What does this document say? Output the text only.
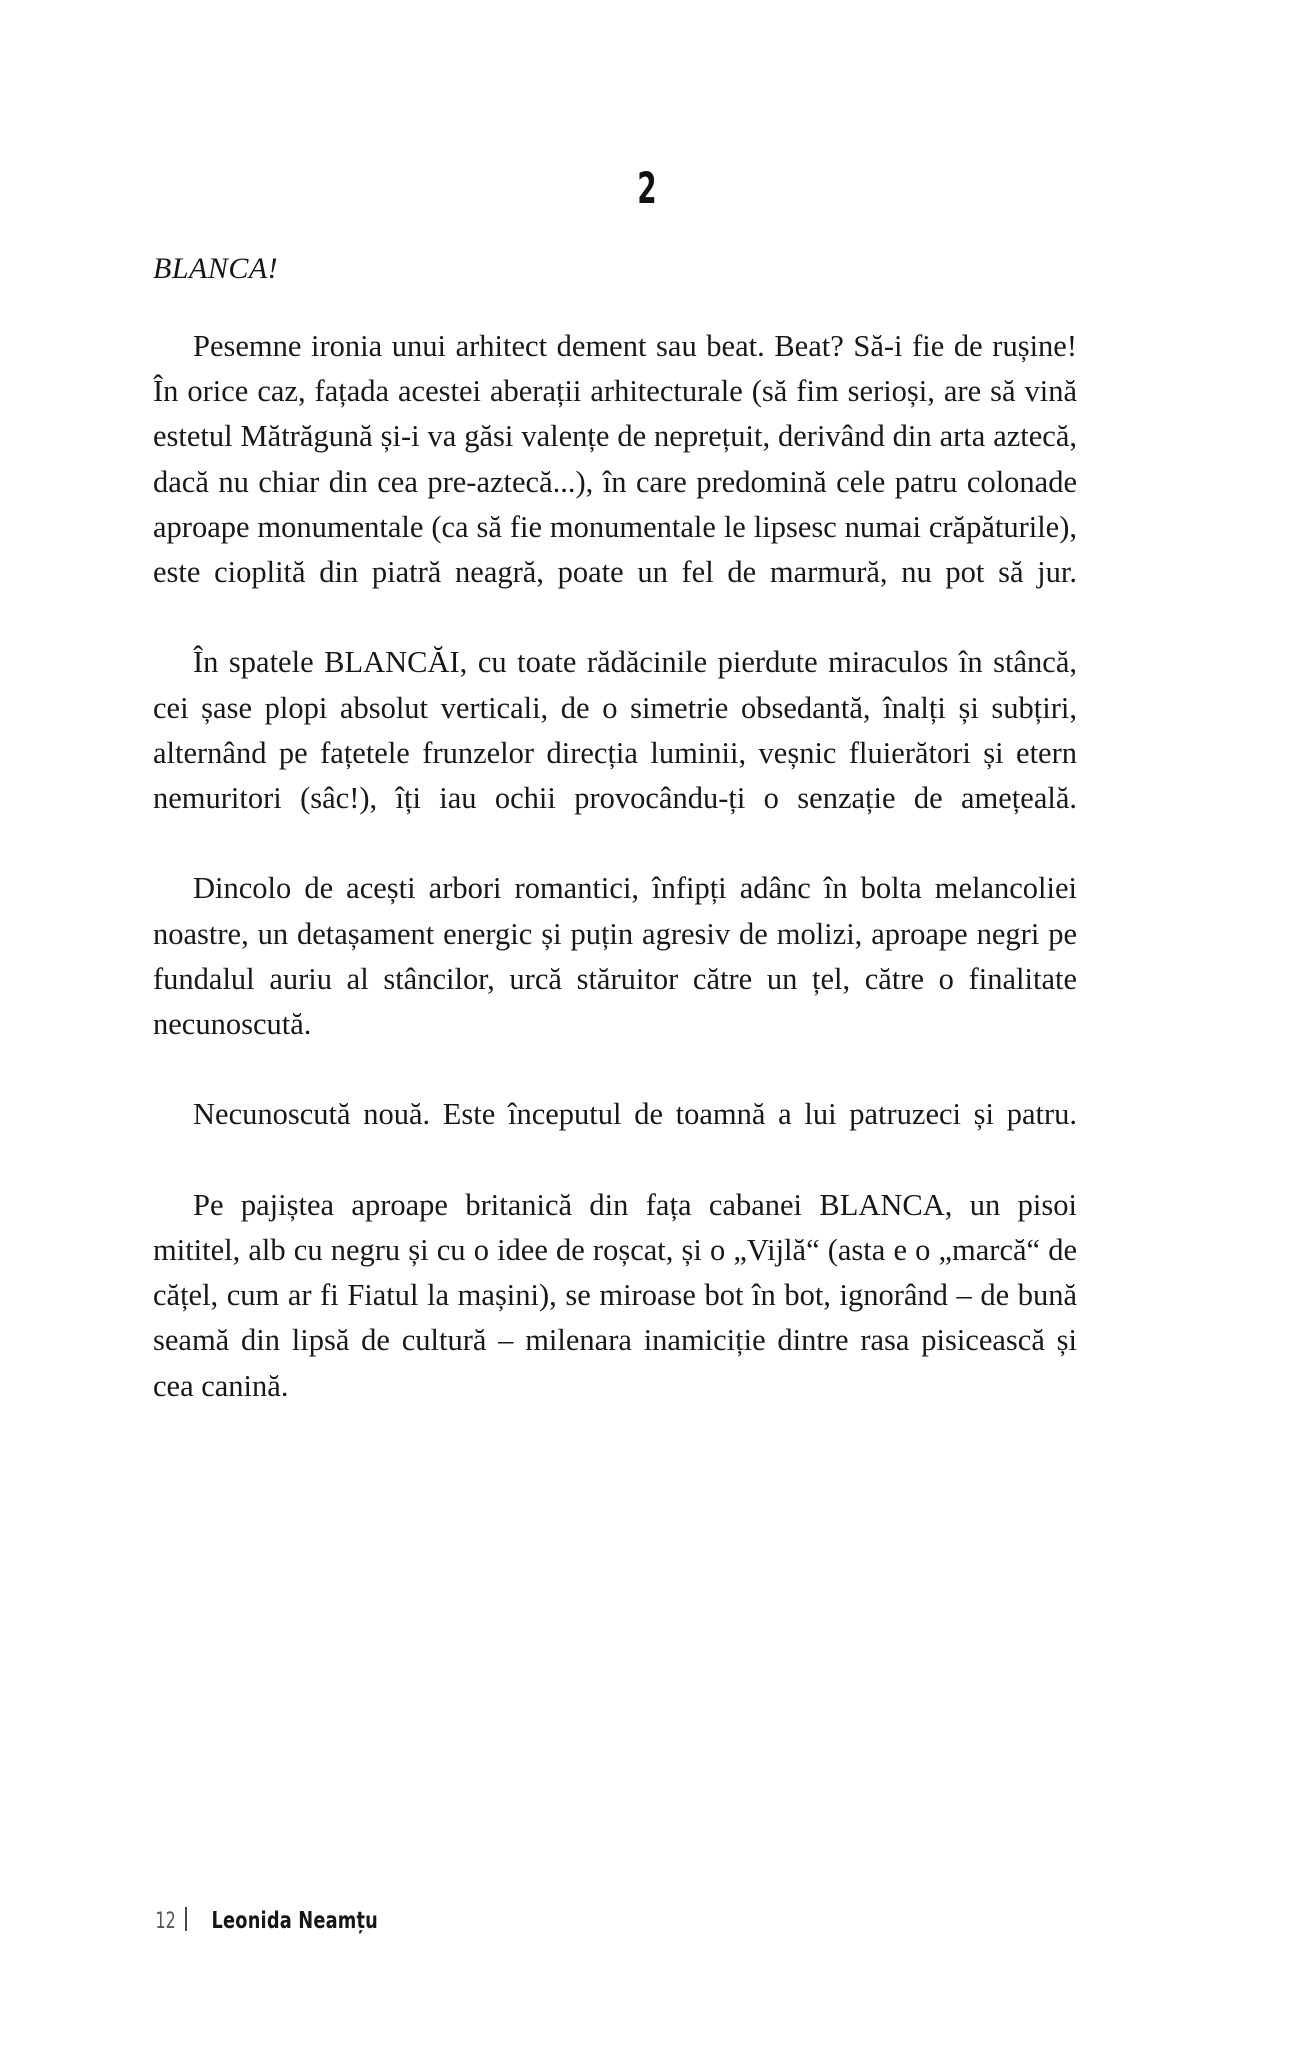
2
BLANCA!

Pesemne ironia unui arhitect dement sau beat. Beat? Să-i fie de rușine! În orice caz, fațada acestei aberații arhitecturale (să fim serioși, are să vină estetul Mătrăgună și-i va găsi valențe de neprețuit, derivând din arta aztecă, dacă nu chiar din cea pre-aztecă...), în care predomină cele patru colonade aproape monumentale (ca să fie monumentale le lipsesc numai crăpăturile), este cioplită din piatră neagră, poate un fel de marmură, nu pot să jur.

În spatele BLANCĂI, cu toate rădăcinile pierdute miraculos în stâncă, cei șase plopi absolut verticali, de o simetrie obsedantă, înalți și subțiri, alternând pe fațetele frunzelor direcția luminii, veșnic fluierători și etern nemuritori (sâc!), îți iau ochii provocându-ți o senzație de amețeală.

Dincolo de acești arbori romantici, înfipți adânc în bolta melancoliei noastre, un detașament energic și puțin agresiv de molizi, aproape negri pe fundalul auriu al stâncilor, urcă stăruitor către un țel, către o finalitate necunoscută.

Necunoscută nouă. Este începutul de toamnă a lui patruzeci și patru.

Pe pajiștea aproape britanică din fața cabanei BLANCA, un pisoi mititel, alb cu negru și cu o idee de roșcat, și o „Vijlă“ (asta e o „marcă“ de cățel, cum ar fi Fiatul la mașini), se miroase bot în bot, ignorând – de bună seamă din lipsă de cultură – milenara inamiciție dintre rasa pisicească și cea canină.

12 Leonida Neamțu
